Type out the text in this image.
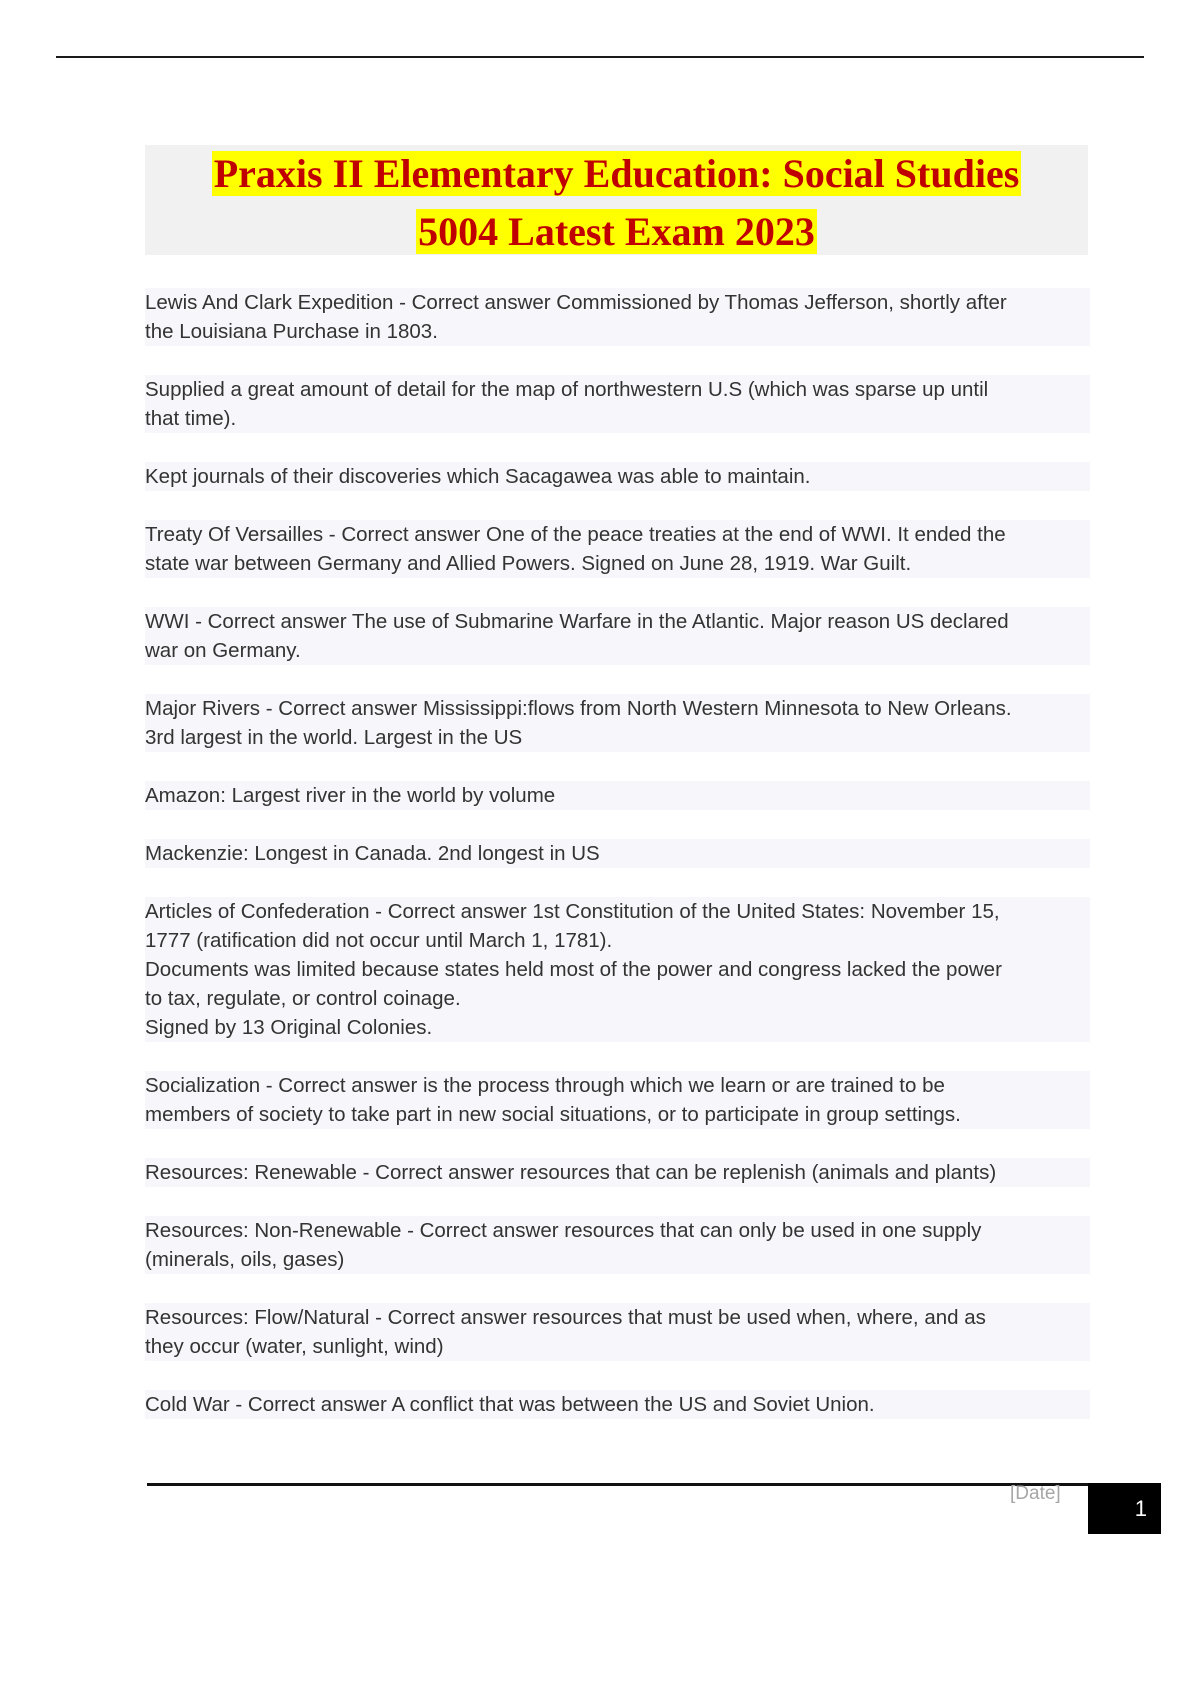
Praxis II Elementary Education: Social Studies
5004 Latest Exam 2023
Lewis And Clark Expedition - Correct answer Commissioned by Thomas Jefferson, shortly after
the Louisiana Purchase in 1803.
Supplied a great amount of detail for the map of northwestern U.S (which was sparse up until
that time).
Kept journals of their discoveries which Sacagawea was able to maintain.
Treaty Of Versailles - Correct answer One of the peace treaties at the end of WWI. It ended the
state war between Germany and Allied Powers. Signed on June 28, 1919. War Guilt.
WWI - Correct answer The use of Submarine Warfare in the Atlantic. Major reason US declared
war on Germany.
Major Rivers - Correct answer Mississippi:flows from North Western Minnesota to New Orleans.
3rd largest in the world. Largest in the US
Amazon: Largest river in the world by volume
Mackenzie: Longest in Canada. 2nd longest in US
Articles of Confederation - Correct answer 1st Constitution of the United States: November 15,
1777 (ratification did not occur until March 1, 1781).
Documents was limited because states held most of the power and congress lacked the power
to tax, regulate, or control coinage.
Signed by 13 Original Colonies.
Socialization - Correct answer is the process through which we learn or are trained to be
members of society to take part in new social situations, or to participate in group settings.
Resources: Renewable - Correct answer resources that can be replenish (animals and plants)
Resources: Non-Renewable - Correct answer resources that can only be used in one supply
(minerals, oils, gases)
Resources: Flow/Natural - Correct answer resources that must be used when, where, and as
they occur (water, sunlight, wind)
Cold War - Correct answer A conflict that was between the US and Soviet Union.
[Date]
1
